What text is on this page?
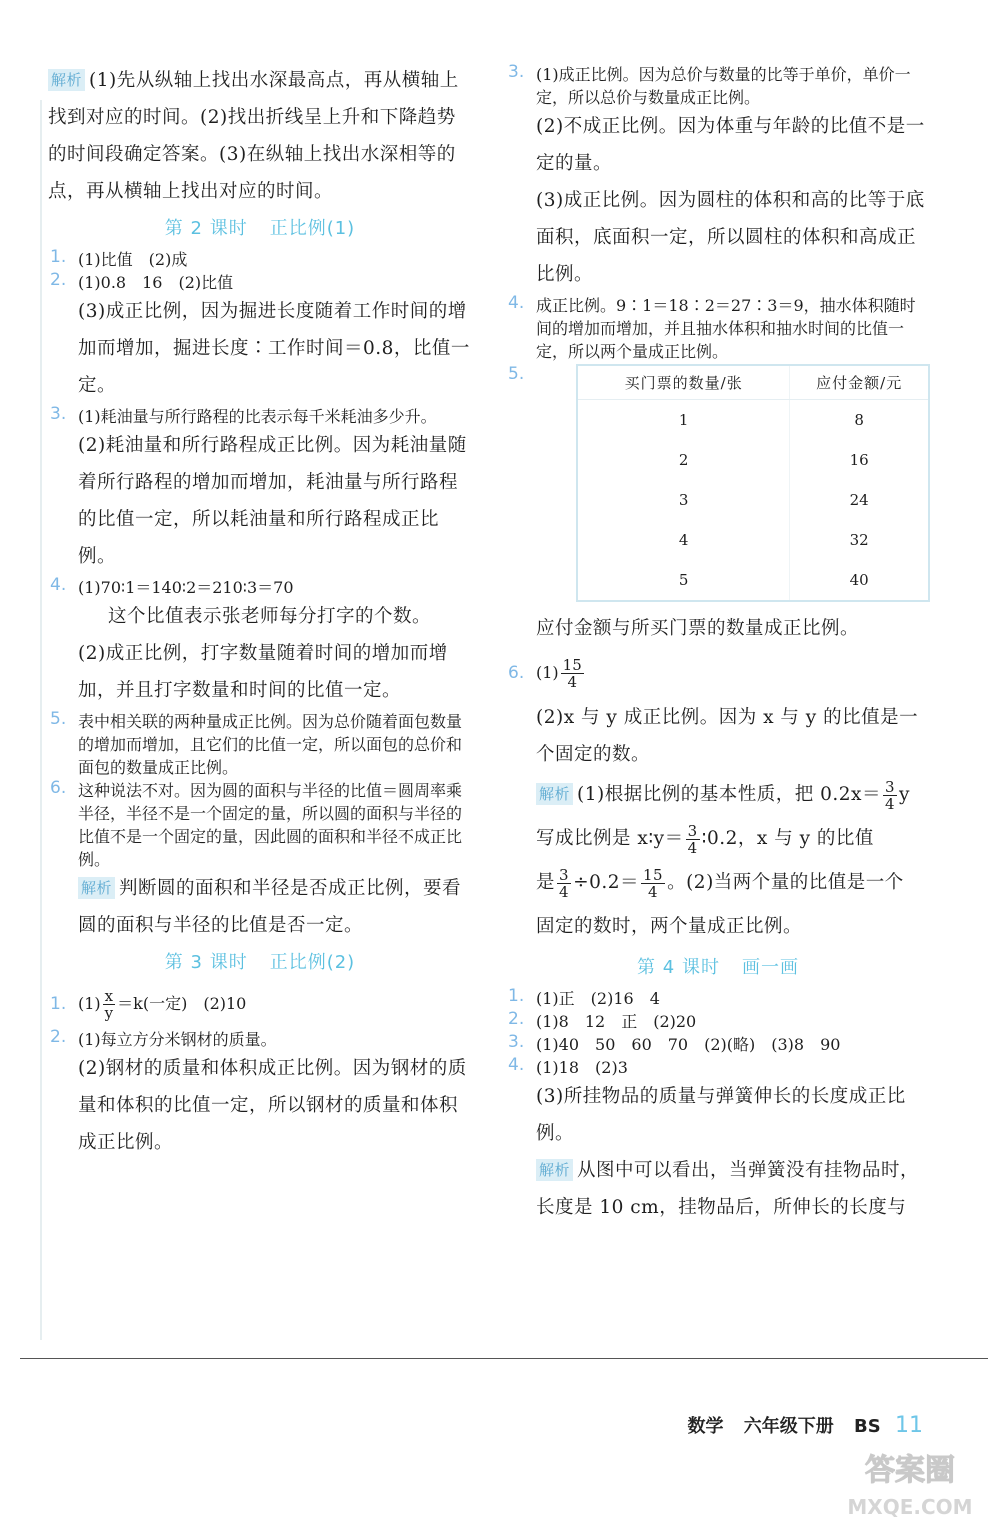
解析 (1)先从纵轴上找出水深最高点，再从横轴上找到对应的时间。(2)找出折线呈上升和下降趋势的时间段确定答案。(3)在纵轴上找出水深相等的点，再从横轴上找出对应的时间。

第 2 课时 正比例(1)
1. (1)比值　(2)成
2. (1)0.8　16　(2)比值

(3)成正比例，因为掘进长度随着工作时间的增加而增加，掘进长度∶工作时间＝0.8，比值一定。

3. (1)耗油量与所行路程的比表示每千米耗油多少升。

(2)耗油量和所行路程成正比例。因为耗油量随着所行路程的增加而增加，耗油量与所行路程的比值一定，所以耗油量和所行路程成正比例。

4. (1)70∶1＝140∶2＝210∶3＝70

这个比值表示张老师每分打字的个数。

(2)成正比例，打字数量随着时间的增加而增加，并且打字数量和时间的比值一定。

5. 表中相关联的两种量成正比例。因为总价随着面包数量的增加而增加，且它们的比值一定，所以面包的总价和面包的数量成正比例。
6. 这种说法不对。因为圆的面积与半径的比值＝圆周率乘半径，半径不是一个固定的量，所以圆的面积与半径的比值不是一个固定的量，因此圆的面积和半径不成正比例。

解析 判断圆的面积和半径是否成正比例，要看圆的面积与半径的比值是否一定。

第 3 课时 正比例(2)
1. $(1) \frac{x}{y} =k$(一定)　(2)10
2. (1)每立方分米钢材的质量。

(2)钢材的质量和体积成正比例。因为钢材的质量和体积的比值一定，所以钢材的质量和体积成正比例。

3. (1)成正比例。因为总价与数量的比等于单价，单价一定，所以总价与数量成正比例。

(2)不成正比例。因为体重与年龄的比值不是一定的量。

(3)成正比例。因为圆柱的体积和高的比等于底面积，底面积一定，所以圆柱的体积和高成正比例。

4. 成正比例。9∶1＝18∶2＝27∶3＝9，抽水体积随时间的增加而增加，并且抽水体积和抽水时间的比值一定，所以两个量成正比例。
5.	买门票的数量/张	应付金额/元
1	8
2	16
3	24
4	32
5	40

应付金额与所买门票的数量成正比例。

6. $(1) \frac{15}{4}$

(2)x 与 y 成正比例。因为 x 与 y 的比值是一个固定的数。

解析 (1)根据比例的基本性质，把 $0.2x= \frac{3}{4}$ y 写成比例是 x∶y＝ $\frac{3}{4}$ ∶0.2，x 与 y 的比值
是 $\frac{3}{4} \div 0.2= \frac{15}{4}$ 。(2)当两个量的比值是一个
固定的数时，两个量成正比例。

第 4 课时 画一画
1. (1)正　(2)16　4
2. (1)8　12　正　(2)20
3. (1)40　50　60　70　(2)(略)　(3)8　90
4. (1)18　(2)3

(3)所挂物品的质量与弹簧伸长的长度成正比例。

解析 从图中可以看出，当弹簧没有挂物品时，长度是 10 cm，挂物品后，所伸长的长度与

数学 六年级下册 BS 11
答案圈
MXQE.COM
